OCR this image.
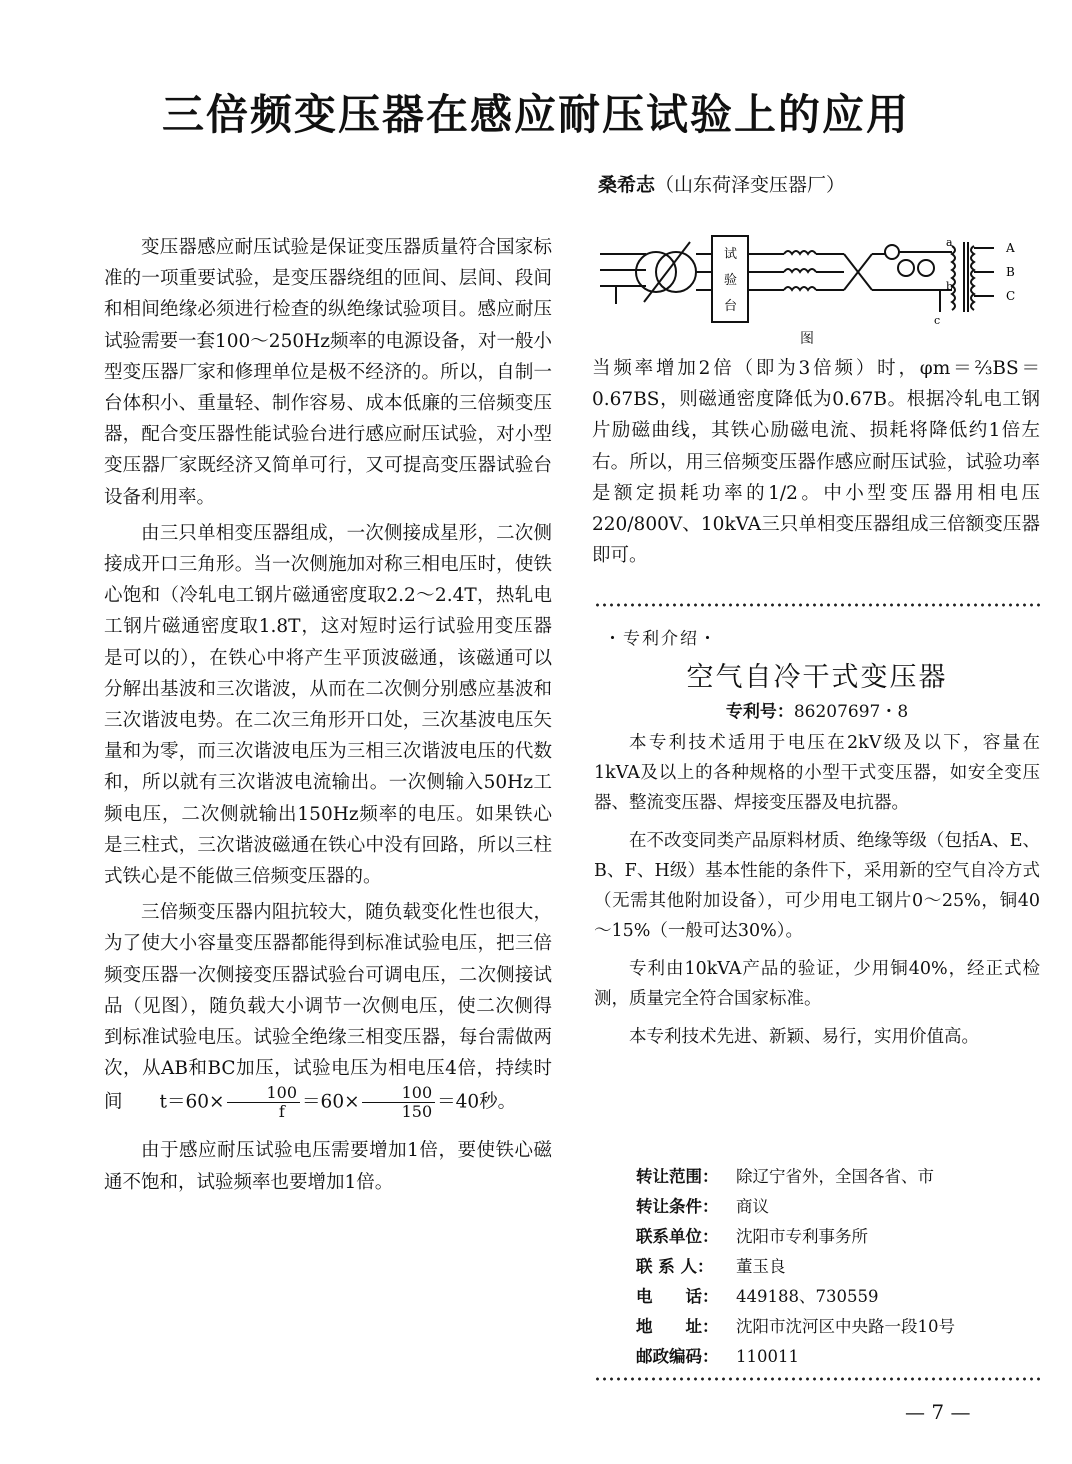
三倍频变压器在感应耐压试验上的应用
桑希志（山东荷泽变压器厂）

变压器感应耐压试验是保证变压器质量符合国家标准的一项重要试验，是变压器绕组的匝间、层间、段间和相间绝缘必须进行检查的纵绝缘试验项目。感应耐压试验需要一套100～250Hz频率的电源设备，对一般小型变压器厂家和修理单位是极不经济的。所以，自制一台体积小、重量轻、制作容易、成本低廉的三倍频变压器，配合变压器性能试验台进行感应耐压试验，对小型变压器厂家既经济又简单可行，又可提高变压器试验台设备利用率。

由三只单相变压器组成，一次侧接成星形，二次侧接成开口三角形。当一次侧施加对称三相电压时，使铁心饱和（冷轧电工钢片磁通密度取2.2～2.4T，热轧电工钢片磁通密度取1.8T，这对短时运行试验用变压器是可以的），在铁心中将产生平顶波磁通，该磁通可以分解出基波和三次谐波，从而在二次侧分别感应基波和三次谐波电势。在二次三角形开口处，三次基波电压矢量和为零，而三次谐波电压为三相三次谐波电压的代数和，所以就有三次谐波电流输出。一次侧输入50Hz工频电压，二次侧就输出150Hz频率的电压。如果铁心是三柱式，三次谐波磁通在铁心中没有回路，所以三柱式铁心是不能做三倍频变压器的。

三倍频变压器内阻抗较大，随负载变化性也很大，为了使大小容量变压器都能得到标准试验电压，把三倍频变压器一次侧接变压器试验台可调电压，二次侧接试品（见图），随负载大小调节一次侧电压，使二次侧得到标准试验电压。试验全绝缘三相变压器，每台需做两次，从AB和BC加压，试验电压为相电压4倍，持续时间 $t=60\times \frac{100}{f} =60\times \frac{100}{150} =40$秒。

由于感应耐压试验电压需要增加1倍，要使铁心磁通不饱和，试验频率也要增加1倍。

试
验
台
A
B
C
a
b
c
图

当频率增加2倍（即为3倍频）时，φm＝⅔BS＝0.67BS，则磁通密度降低为0.67B。根据冷轧电工钢片励磁曲线，其铁心励磁电流、损耗将降低约1倍左右。所以，用三倍频变压器作感应耐压试验，试验功率是额定损耗功率的1/2。中小型变压器用相电压220/800V、10kVA三只单相变压器组成三倍额变压器即可。

・专利介绍・
空气自冷干式变压器
专利号：86207697・8

本专利技术适用于电压在2kV级及以下，容量在1kVA及以上的各种规格的小型干式变压器，如安全变压器、整流变压器、焊接变压器及电抗器。

在不改变同类产品原料材质、绝缘等级（包括A、E、B、F、H级）基本性能的条件下，采用新的空气自冷方式（无需其他附加设备），可少用电工钢片0～25%，铜40～15%（一般可达30%）。

专利由10kVA产品的验证，少用铜40%，经正式检测，质量完全符合国家标准。

本专利技术先进、新颖、易行，实用价值高。

转让范围：	除辽宁省外，全国各省、市
转让条件：	商议
联系单位：	沈阳市专利事务所
联 系 人：	董玉良
电　　话：	449188、730559
地　　址：	沈阳市沈河区中央路一段10号
邮政编码：	110011
— 7 —
